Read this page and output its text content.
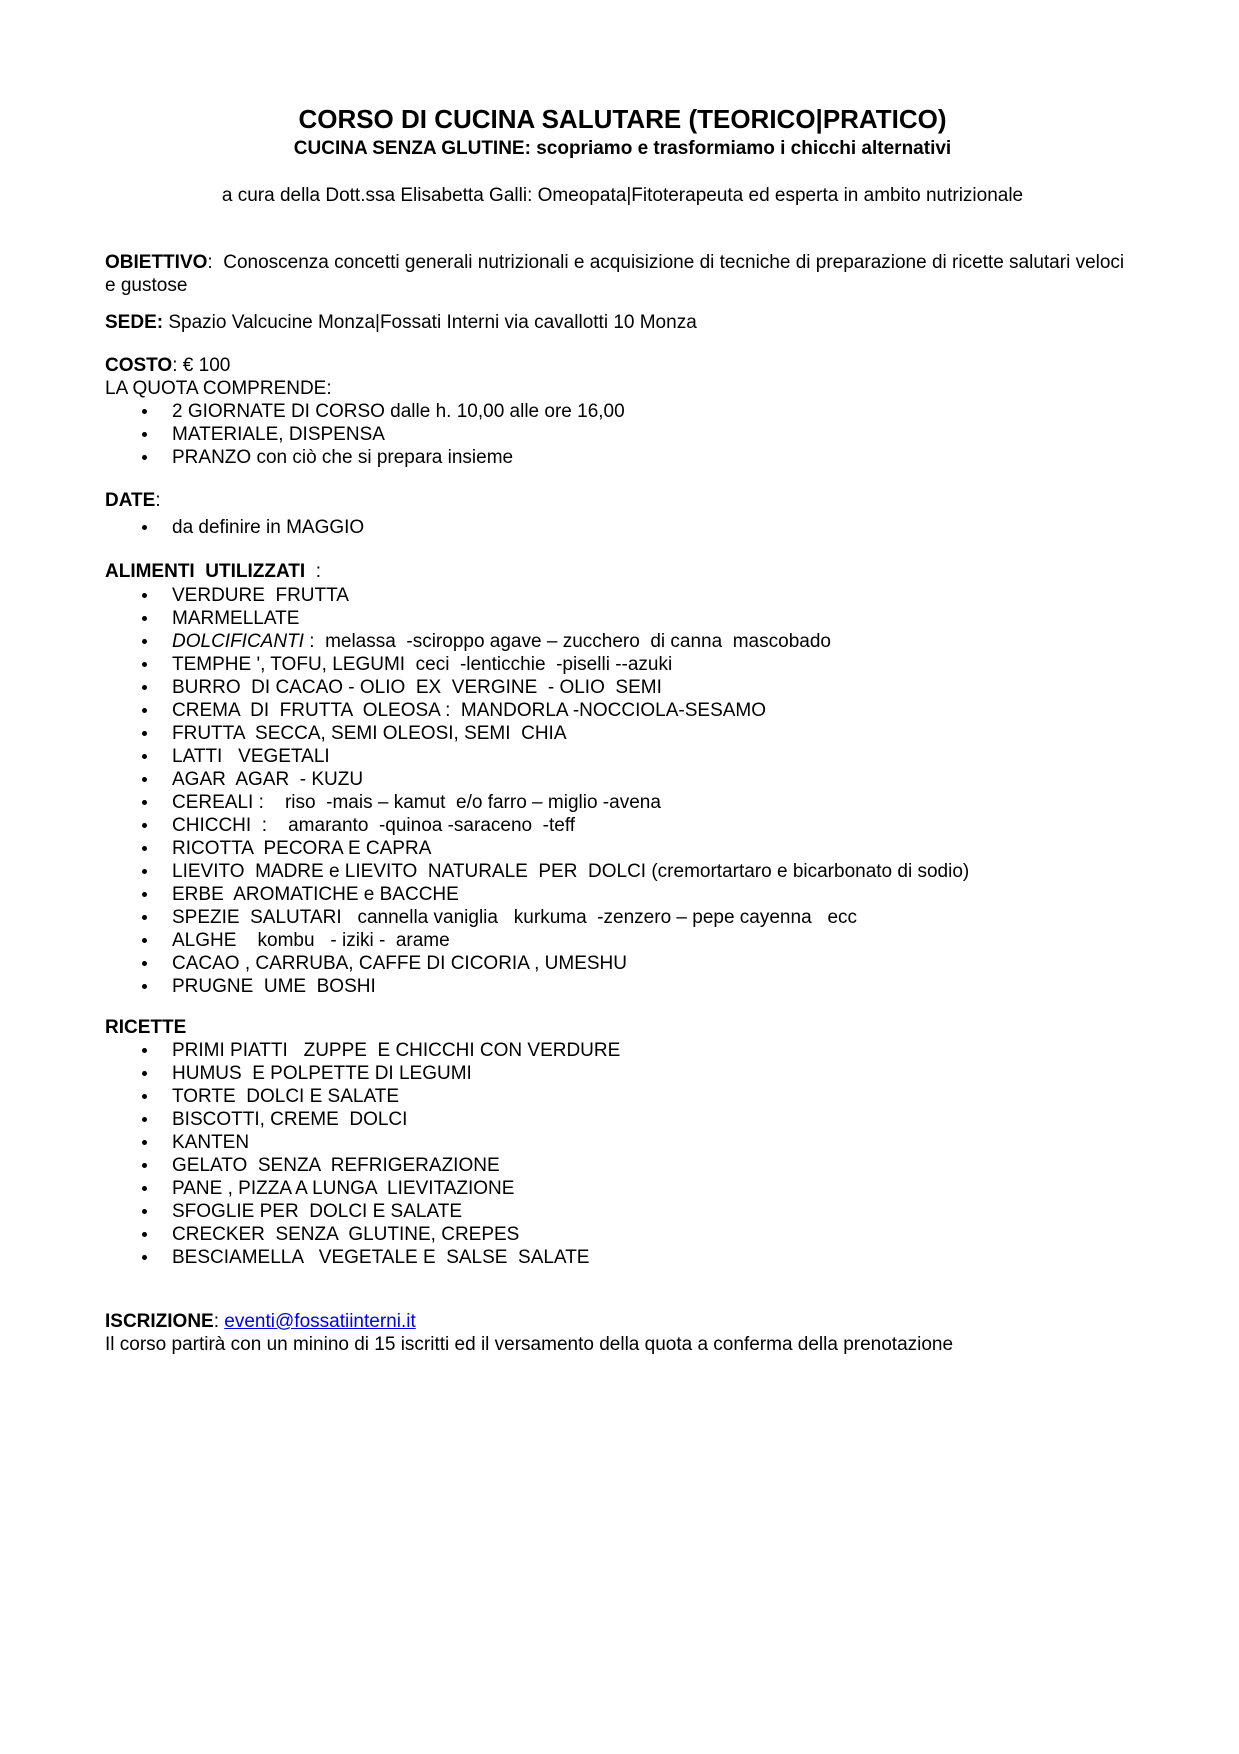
CORSO DI CUCINA SALUTARE (TEORICO|PRATICO)
CUCINA SENZA GLUTINE: scopriamo e trasformiamo i chicchi alternativi

a cura della Dott.ssa Elisabetta Galli: Omeopata|Fitoterapeuta ed esperta in ambito nutrizionale

OBIETTIVO:  Conoscenza concetti generali nutrizionali e acquisizione di tecniche di preparazione di ricette salutari veloci  e gustose

SEDE: Spazio Valcucine Monza|Fossati Interni via cavallotti 10 Monza

COSTO: € 100

LA QUOTA COMPRENDE:

2 GIORNATE DI CORSO dalle h. 10,00 alle ore 16,00
MATERIALE, DISPENSA
PRANZO con ciò che si prepara insieme

DATE:

da definire in MAGGIO

ALIMENTI  UTILIZZATI  :

VERDURE  FRUTTA
MARMELLATE
DOLCIFICANTI :  melassa  -sciroppo agave – zucchero  di canna  mascobado
TEMPHE ', TOFU, LEGUMI  ceci  -lenticchie  -piselli --azuki
BURRO  DI CACAO - OLIO  EX  VERGINE  - OLIO  SEMI
CREMA  DI  FRUTTA  OLEOSA :  MANDORLA -NOCCIOLA-SESAMO
FRUTTA  SECCA, SEMI OLEOSI, SEMI  CHIA
LATTI   VEGETALI
AGAR  AGAR  - KUZU
CEREALI :    riso  -mais – kamut  e/o farro – miglio -avena
CHICCHI  :    amaranto  -quinoa -saraceno  -teff
RICOTTA  PECORA E CAPRA
LIEVITO  MADRE e LIEVITO  NATURALE  PER  DOLCI (cremortartaro e bicarbonato di sodio)
ERBE  AROMATICHE e BACCHE
SPEZIE  SALUTARI   cannella vaniglia   kurkuma  -zenzero – pepe cayenna   ecc
ALGHE    kombu   - iziki -  arame
CACAO , CARRUBA, CAFFE DI CICORIA , UMESHU
PRUGNE  UME  BOSHI

RICETTE

PRIMI PIATTI   ZUPPE  E CHICCHI CON VERDURE
HUMUS  E POLPETTE DI LEGUMI
TORTE  DOLCI E SALATE
BISCOTTI, CREME  DOLCI
KANTEN
GELATO  SENZA  REFRIGERAZIONE
PANE , PIZZA A LUNGA  LIEVITAZIONE
SFOGLIE PER  DOLCI E SALATE
CRECKER  SENZA  GLUTINE, CREPES
BESCIAMELLA   VEGETALE E  SALSE  SALATE

ISCRIZIONE: eventi@fossatiinterni.it

Il corso partirà con un minino di 15 iscritti ed il versamento della quota a conferma della prenotazione
